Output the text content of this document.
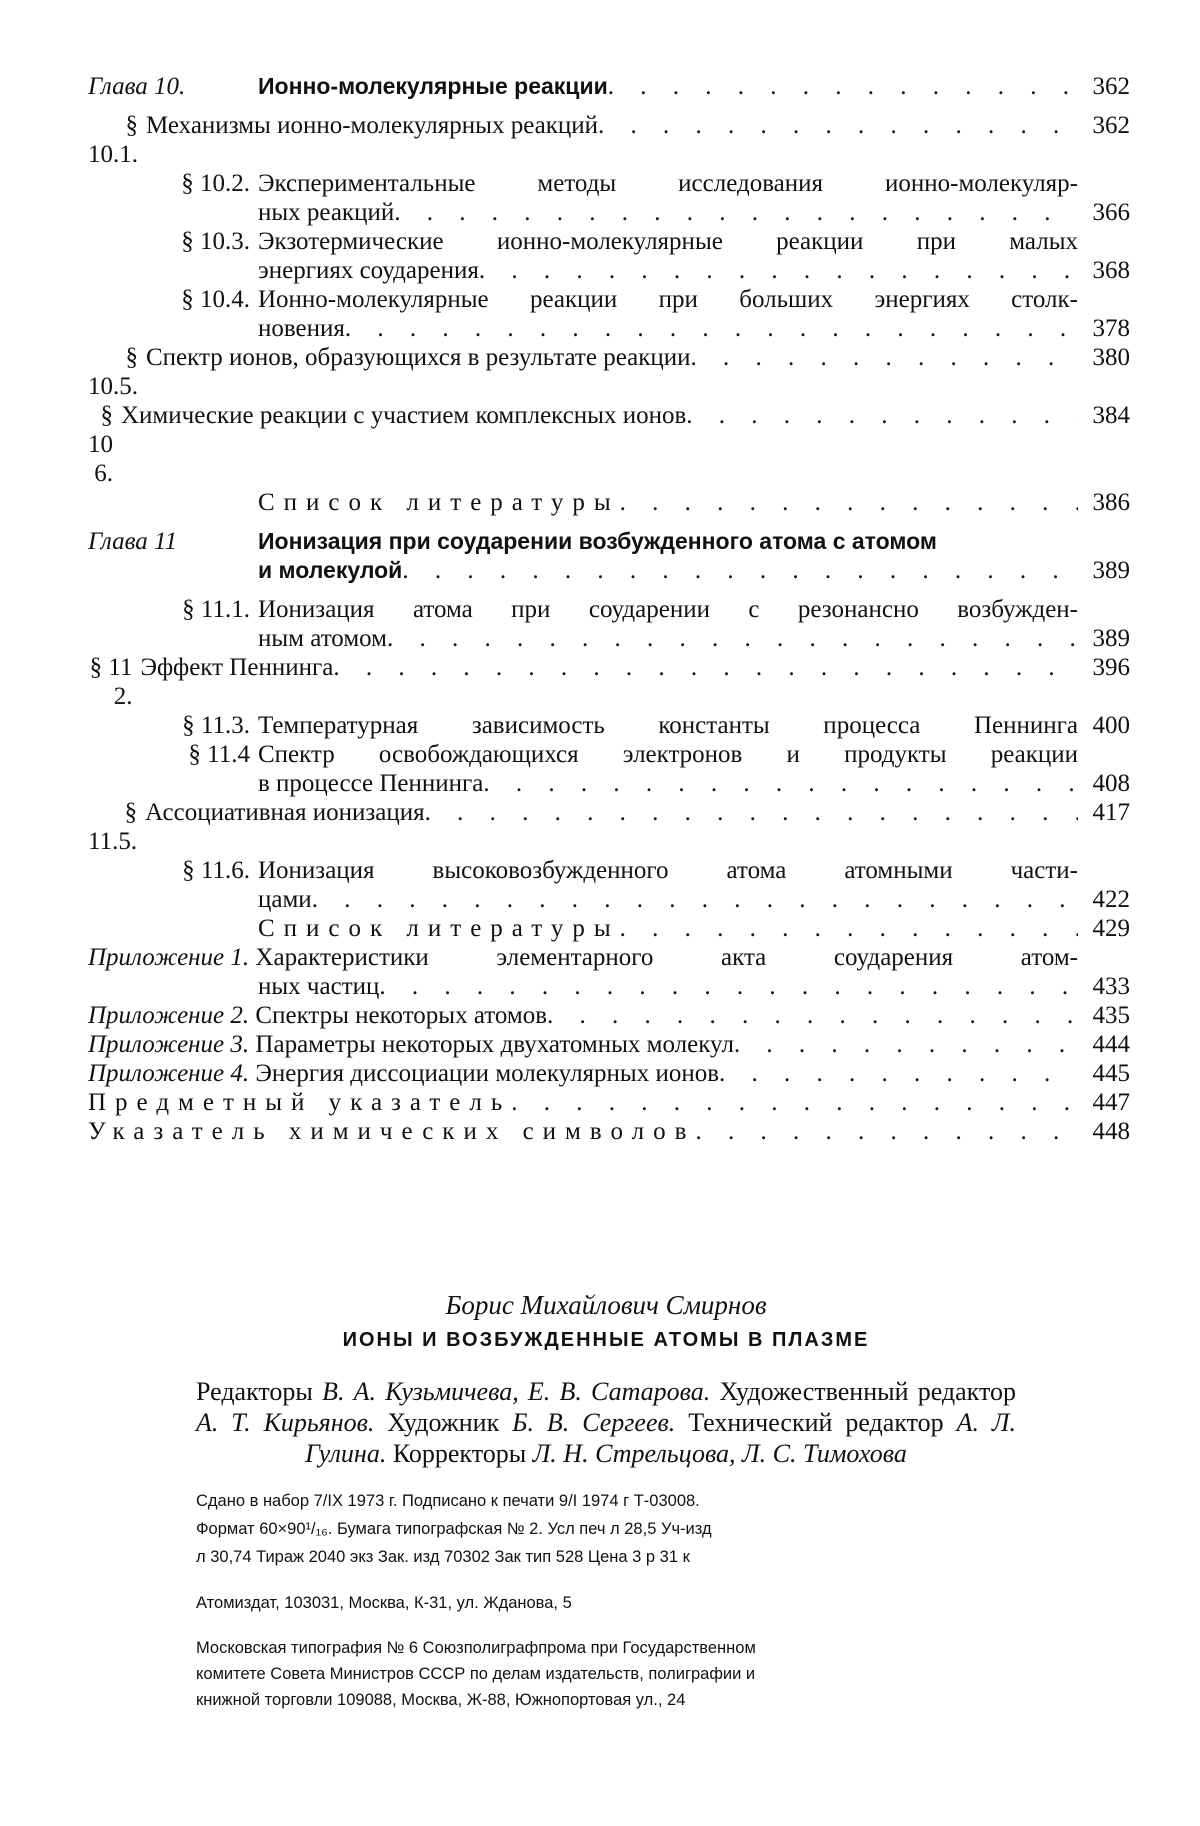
Глава 10.	Ионно-молекулярные реакции . . .	362
§ 10.1.
Механизмы ионно-молекулярных реакций . . .	362
§ 10.2. Экспериментальные методы исследования ионно-молекуляр-
ных реакций . . .	366
§ 10.3. Экзотермические ионно-молекулярные реакции при малых
энергиях соударения . . .	368
§ 10.4. Ионно-молекулярные реакции при больших энергиях столк-
новения . . .	378
§ 10.5.
Спектр ионов, образующихся в результате реакции . . .	380
§ 10 6.
Химические реакции с участием комплексных ионов . . .	384
Список литературы . . .	386
Глава 11	Ионизация при соударении возбужденного атома с атомом
и молекулой . . .	389
§ 11.1. Ионизация атома при соударении с резонансно возбужден-
ным атомом . . .	389
§ 11 2.
Эффект Пеннинга . . .	396
§ 11.3. Температурная зависимость константы процесса Пеннинга 400
§ 11.4 Спектр освобождающихся электронов и продукты реакции
в процессе Пеннинга . . .	408
§ 11.5.
Ассоциативная ионизация . . .	417
§ 11.6. Ионизация высоковозбужденного атома атомными части-
цами . . .	422
Список литературы . . .	429
Приложение 1.
Характеристики элементарного акта соударения атом-
ных частиц . . .	433
Приложение 2.
Спектры некоторых атомов . . .	435
Приложение 3.
Параметры некоторых двухатомных молекул . . .	444
Приложение 4.
Энергия диссоциации молекулярных ионов . . .	445
Предметный указатель . . .	447
Указатель химических символов . . .	448

Борис Михайлович Смирнов

ИОНЫ И ВОЗБУЖДЕННЫЕ АТОМЫ В ПЛАЗМЕ

Редакторы В. А. Кузьмичева, Е. В. Сатарова. Художественный редактор А. Т. Кирьянов. Художник Б. В. Сергеев. Технический редактор А. Л. Гулина. Корректоры Л. Н. Стрельцова, Л. С. Тимохова

Сдано в набор 7/IX 1973 г. Подписано к печати 9/I 1974 г Т-03008.

Формат 60×90¹/₁₆. Бумага типографская № 2. Усл печ л 28,5 Уч-изд

л 30,74 Тираж 2040 экз Зак. изд 70302 Зак тип 528 Цена 3 р 31 к

Атомиздат, 103031, Москва, К-31, ул. Жданова, 5

Московская типография № 6 Союзполиграфпрома при Государственном

комитете Совета Министров СССР по делам издательств, полиграфии и

книжной торговли 109088, Москва, Ж-88, Южнопортовая ул., 24
